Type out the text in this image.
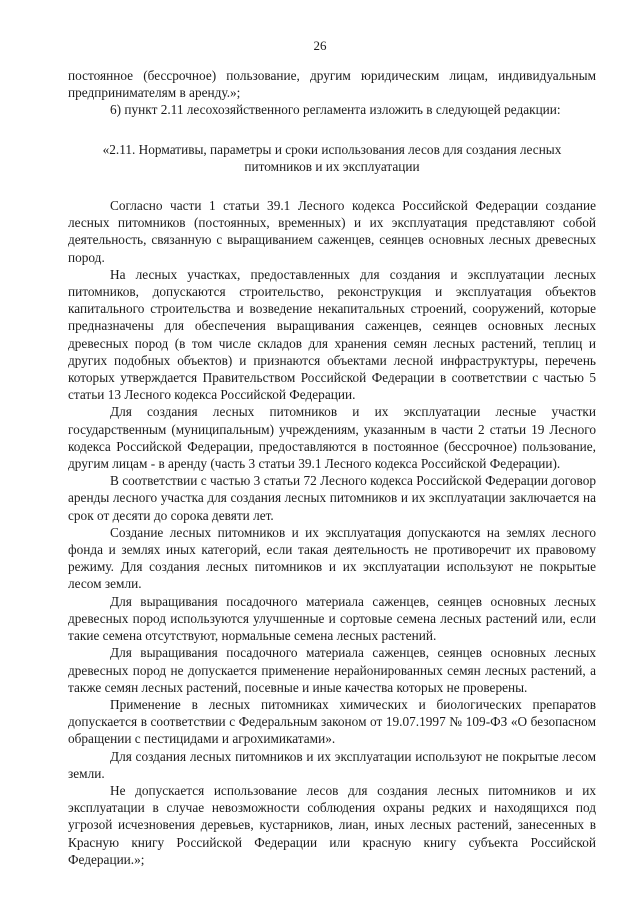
26

постоянное (бессрочное) пользование, другим юридическим лицам, индивидуальным предпринимателям в аренду.»;

6) пункт 2.11 лесохозяйственного регламента изложить в следующей редакции:

«2.11. Нормативы, параметры и сроки использования лесов для создания лесных питомников и их эксплуатации

Согласно части 1 статьи 39.1 Лесного кодекса Российской Федерации создание лесных питомников (постоянных, временных) и их эксплуатация представляют собой деятельность, связанную с выращиванием саженцев, сеянцев основных лесных древесных пород.

На лесных участках, предоставленных для создания и эксплуатации лесных питомников, допускаются строительство, реконструкция и эксплуатация объектов капитального строительства и возведение некапитальных строений, сооружений, которые предназначены для обеспечения выращивания саженцев, сеянцев основных лесных древесных пород (в том числе складов для хранения семян лесных растений, теплиц и других подобных объектов) и признаются объектами лесной инфраструктуры, перечень которых утверждается Правительством Российской Федерации в соответствии с частью 5 статьи 13 Лесного кодекса Российской Федерации.

Для создания лесных питомников и их эксплуатации лесные участки государственным (муниципальным) учреждениям, указанным в части 2 статьи 19 Лесного кодекса Российской Федерации, предоставляются в постоянное (бессрочное) пользование, другим лицам - в аренду (часть 3 статьи 39.1 Лесного кодекса Российской Федерации).

В соответствии с частью 3 статьи 72 Лесного кодекса Российской Федерации договор аренды лесного участка для создания лесных питомников и их эксплуатации заключается на срок от десяти до сорока девяти лет.

Создание лесных питомников и их эксплуатация допускаются на землях лесного фонда и землях иных категорий, если такая деятельность не противоречит их правовому режиму. Для создания лесных питомников и их эксплуатации используют не покрытые лесом земли.

Для выращивания посадочного материала саженцев, сеянцев основных лесных древесных пород используются улучшенные и сортовые семена лесных растений или, если такие семена отсутствуют, нормальные семена лесных растений.

Для выращивания посадочного материала саженцев, сеянцев основных лесных древесных пород не допускается применение нерайонированных семян лесных растений, а также семян лесных растений, посевные и иные качества которых не проверены.

Применение в лесных питомниках химических и биологических препаратов допускается в соответствии с Федеральным законом от 19.07.1997 № 109-ФЗ «О безопасном обращении с пестицидами и агрохимикатами».

Для создания лесных питомников и их эксплуатации используют не покрытые лесом земли.

Не допускается использование лесов для создания лесных питомников и их эксплуатации в случае невозможности соблюдения охраны редких и находящихся под угрозой исчезновения деревьев, кустарников, лиан, иных лесных растений, занесенных в Красную книгу Российской Федерации или красную книгу субъекта Российской Федерации.»;
